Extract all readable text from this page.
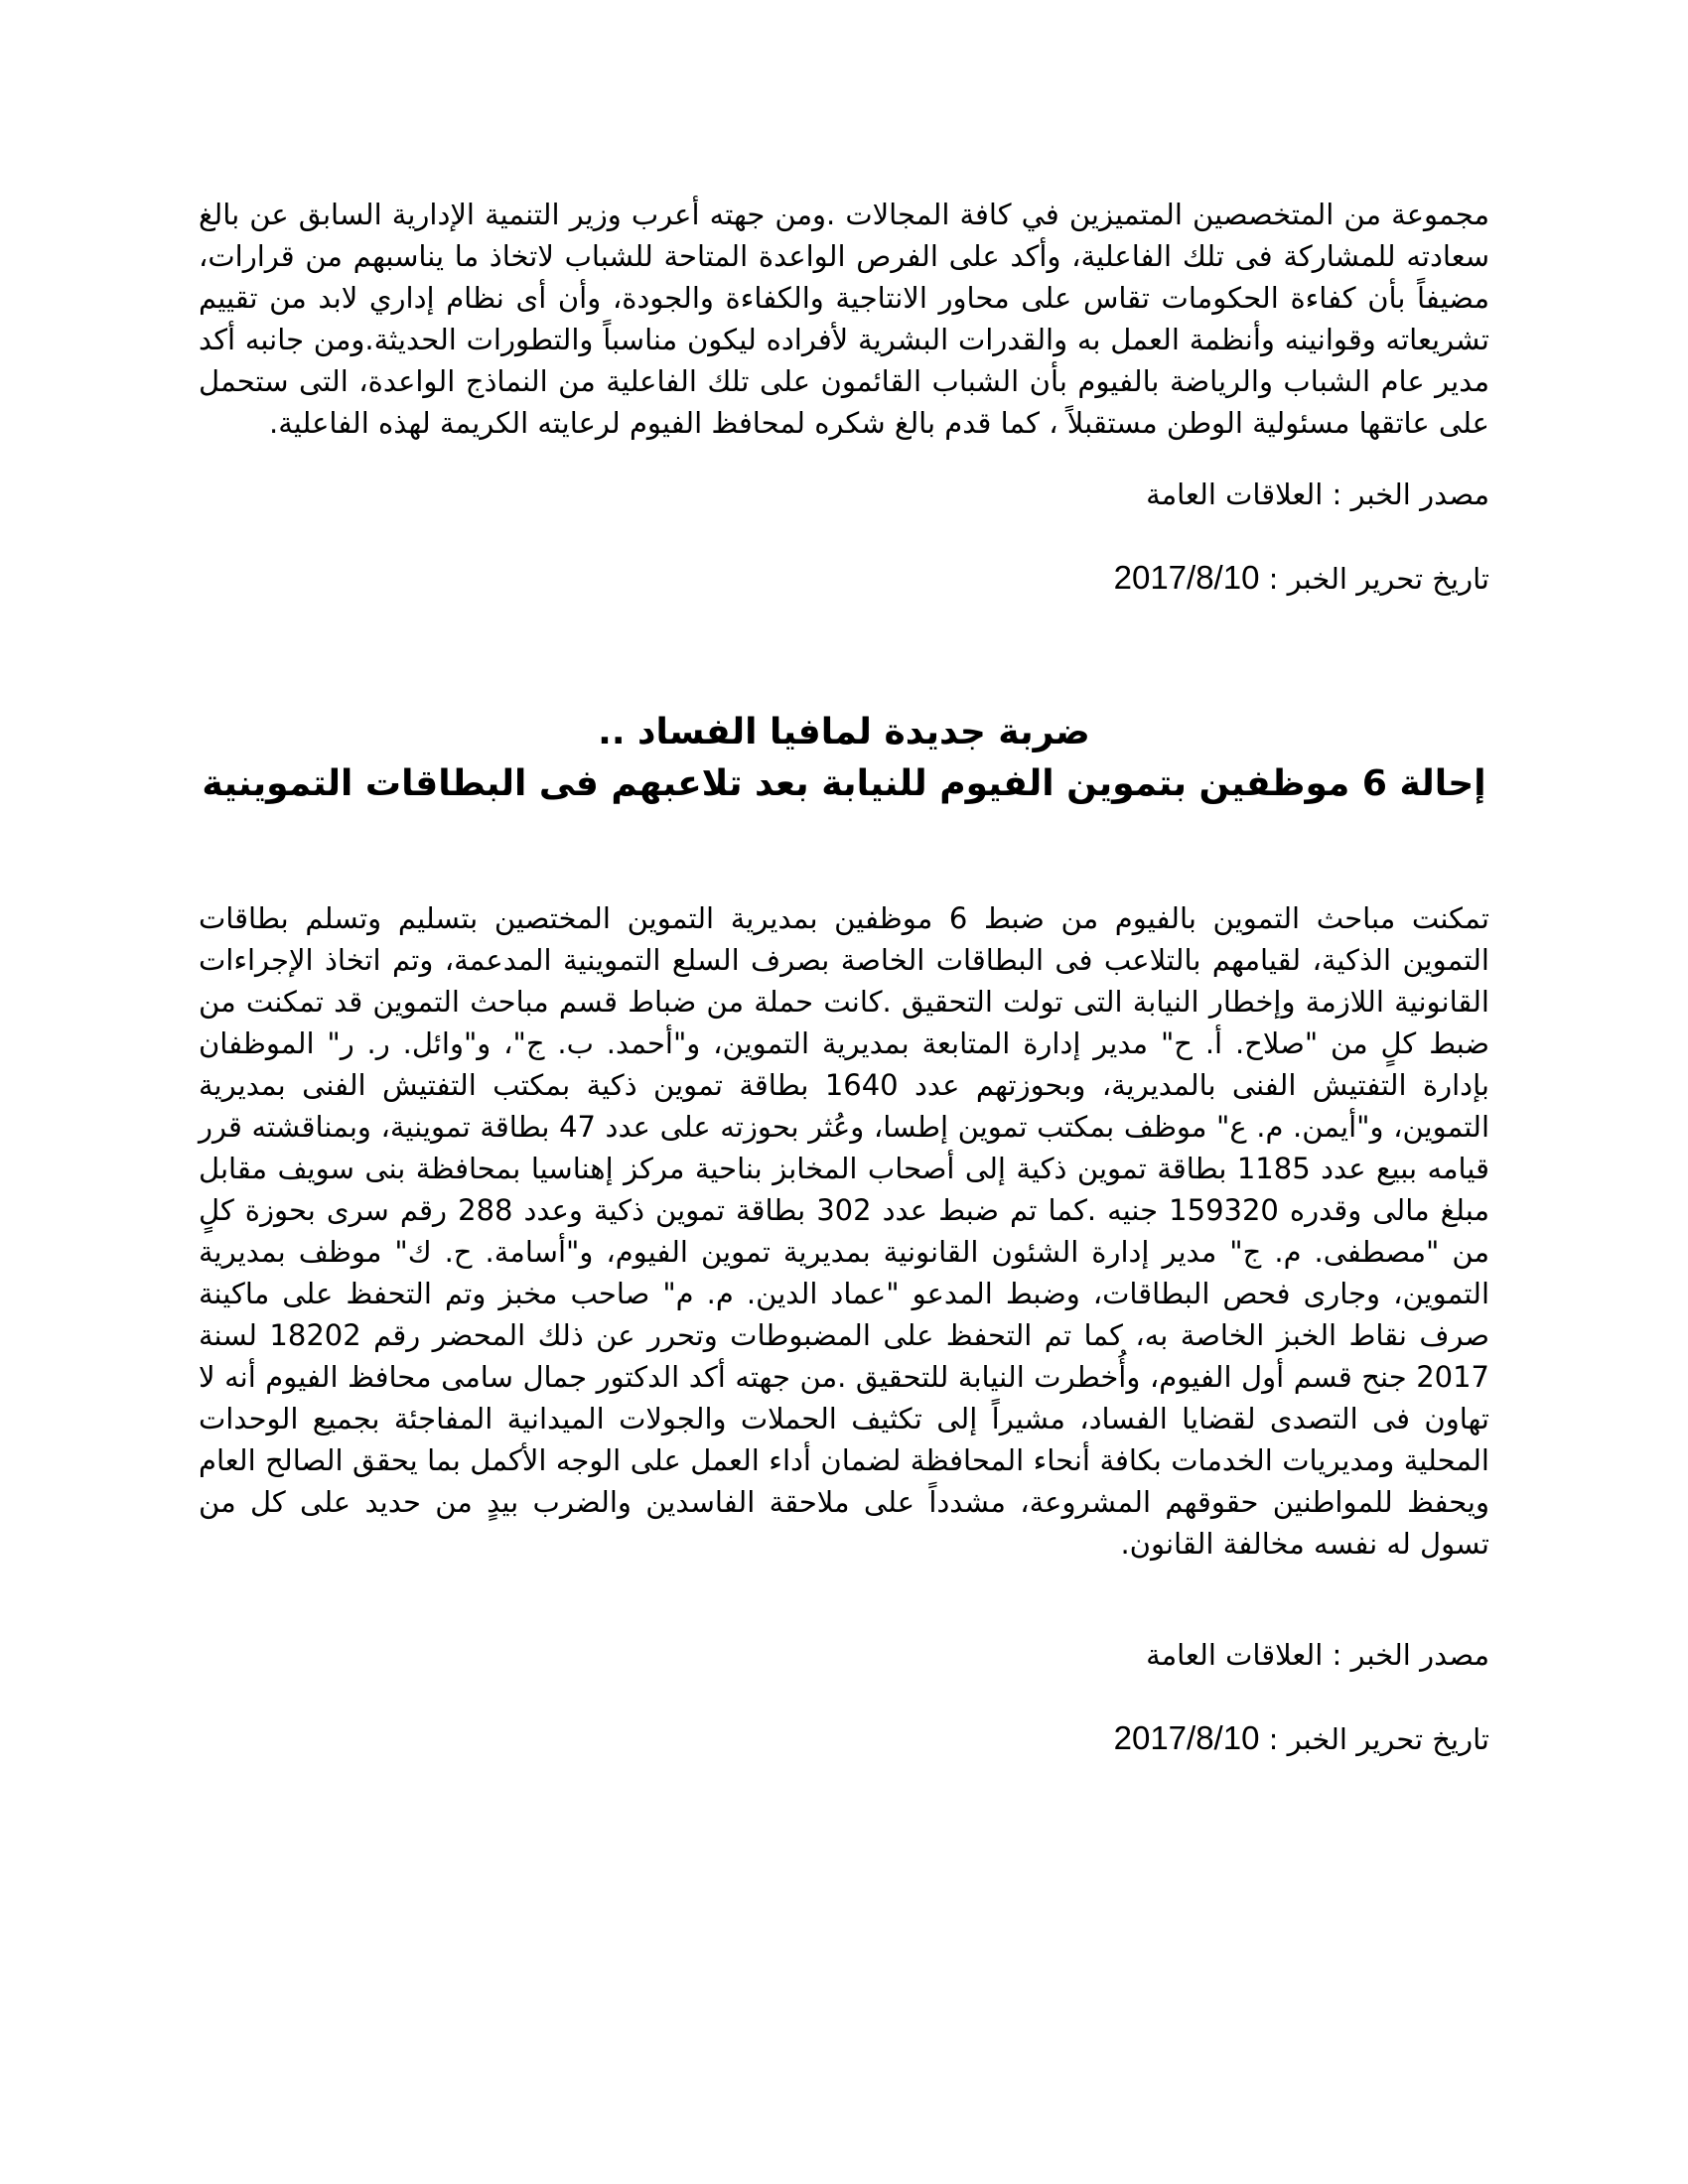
مجموعة من المتخصصين المتميزين في كافة المجالات .ومن جهته أعرب وزير التنمية الإدارية السابق عن بالغ سعادته للمشاركة فى تلك الفاعلية، وأكد على الفرص الواعدة المتاحة للشباب لاتخاذ ما يناسبهم من قرارات، مضيفاً بأن كفاءة الحكومات تقاس على محاور الانتاجية والكفاءة والجودة، وأن أى نظام إداري لابد من تقييم تشريعاته وقوانينه وأنظمة العمل به والقدرات البشرية لأفراده ليكون مناسباً والتطورات الحديثة.ومن جانبه أكد مدير عام الشباب والرياضة بالفيوم بأن الشباب القائمون على تلك الفاعلية من النماذج الواعدة، التى ستحمل على عاتقها مسئولية الوطن مستقبلاً ، كما قدم بالغ شكره لمحافظ الفيوم لرعايته الكريمة لهذه الفاعلية.

مصدر الخبر : العلاقات العامة

تاريخ تحرير الخبر : 2017/8/10

ضربة جديدة لمافيا الفساد ..
إحالة 6 موظفين بتموين الفيوم للنيابة بعد تلاعبهم فى البطاقات التموينية

تمكنت مباحث التموين بالفيوم من ضبط 6 موظفين بمديرية التموين المختصين بتسليم وتسلم بطاقات التموين الذكية، لقيامهم بالتلاعب فى البطاقات الخاصة بصرف السلع التموينية المدعمة، وتم اتخاذ الإجراءات القانونية اللازمة وإخطار النيابة التى تولت التحقيق .كانت حملة من ضباط قسم مباحث التموين قد تمكنت من ضبط كلٍ من "صلاح. أ. ح" مدير إدارة المتابعة بمديرية التموين، و"أحمد. ب. ج"، و"وائل. ر. ر" الموظفان بإدارة التفتيش الفنى بالمديرية، وبحوزتهم عدد 1640 بطاقة تموين ذكية بمكتب التفتيش الفنى بمديرية التموين، و"أيمن. م. ع" موظف بمكتب تموين إطسا، وعُثر بحوزته على عدد 47 بطاقة تموينية، وبمناقشته قرر قيامه ببيع عدد 1185 بطاقة تموين ذكية إلى أصحاب المخابز بناحية مركز إهناسيا بمحافظة بنى سويف مقابل مبلغ مالى وقدره 159320 جنيه .كما تم ضبط عدد 302 بطاقة تموين ذكية وعدد 288 رقم سرى بحوزة كلٍ من "مصطفى. م. ج" مدير إدارة الشئون القانونية بمديرية تموين الفيوم، و"أسامة. ح. ك" موظف بمديرية التموين، وجارى فحص البطاقات، وضبط المدعو "عماد الدين. م. م" صاحب مخبز وتم التحفظ على ماكينة صرف نقاط الخبز الخاصة به، كما تم التحفظ على المضبوطات وتحرر عن ذلك المحضر رقم 18202 لسنة 2017 جنح قسم أول الفيوم، وأُخطرت النيابة للتحقيق .من جهته أكد الدكتور جمال سامى محافظ الفيوم أنه لا تهاون فى التصدى لقضايا الفساد، مشيراً إلى تكثيف الحملات والجولات الميدانية المفاجئة بجميع الوحدات المحلية ومديريات الخدمات بكافة أنحاء المحافظة لضمان أداء العمل على الوجه الأكمل بما يحقق الصالح العام ويحفظ للمواطنين حقوقهم المشروعة، مشدداً على ملاحقة الفاسدين والضرب بيدٍ من حديد على كل من تسول له نفسه مخالفة القانون.

مصدر الخبر : العلاقات العامة

تاريخ تحرير الخبر : 2017/8/10
